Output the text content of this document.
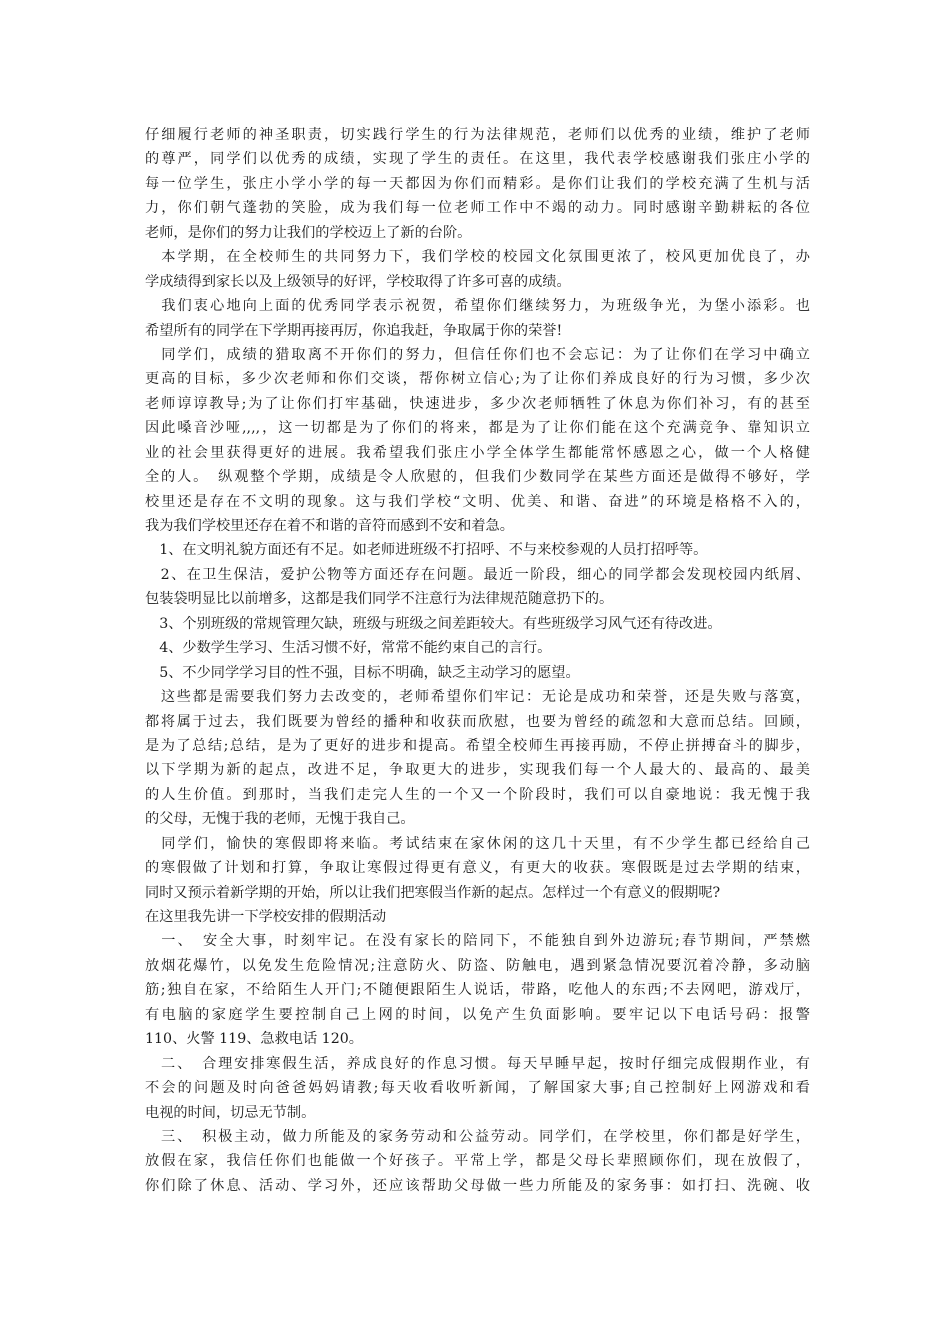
仔细履行老师的神圣职责，切实践行学生的行为法律规范，老师们以优秀的业绩，维护了老师
的尊严，同学们以优秀的成绩，实现了学生的责任。在这里，我代表学校感谢我们张庄小学的
每一位学生，张庄小学小学的每一天都因为你们而精彩。是你们让我们的学校充满了生机与活
力，你们朝气蓬勃的笑脸，成为我们每一位老师工作中不竭的动力。同时感谢辛勤耕耘的各位
老师，是你们的努力让我们的学校迈上了新的台阶。
　本学期，在全校师生的共同努力下，我们学校的校园文化氛围更浓了，校风更加优良了，办
学成绩得到家长以及上级领导的好评，学校取得了许多可喜的成绩。
　我们衷心地向上面的优秀同学表示祝贺，希望你们继续努力，为班级争光，为堡小添彩。也
希望所有的同学在下学期再接再厉，你追我赶，争取属于你的荣誉!
　同学们，成绩的猎取离不开你们的努力，但信任你们也不会忘记：为了让你们在学习中确立
更高的目标，多少次老师和你们交谈，帮你树立信心;为了让你们养成良好的行为习惯，多少次
老师谆谆教导;为了让你们打牢基础，快速进步，多少次老师牺牲了休息为你们补习，有的甚至
因此嗓音沙哑,,,,，这一切都是为了你们的将来，都是为了让你们能在这个充满竞争、靠知识立
业的社会里获得更好的进展。我希望我们张庄小学全体学生都能常怀感恩之心，做一个人格健
全的人。　纵观整个学期，成绩是令人欣慰的，但我们少数同学在某些方面还是做得不够好，学
校里还是存在不文明的现象。这与我们学校“文明、优美、和谐、奋进”的环境是格格不入的，
我为我们学校里还存在着不和谐的音符而感到不安和着急。
　1、在文明礼貌方面还有不足。如老师进班级不打招呼、不与来校参观的人员打招呼等。
　2、在卫生保洁，爱护公物等方面还存在问题。最近一阶段，细心的同学都会发现校园内纸屑、
包装袋明显比以前增多，这都是我们同学不注意行为法律规范随意扔下的。
　3、个别班级的常规管理欠缺，班级与班级之间差距较大。有些班级学习风气还有待改进。
　4、少数学生学习、生活习惯不好，常常不能约束自己的言行。
　5、不少同学学习目的性不强，目标不明确，缺乏主动学习的愿望。
　这些都是需要我们努力去改变的，老师希望你们牢记：无论是成功和荣誉，还是失败与落寞，
都将属于过去，我们既要为曾经的播种和收获而欣慰，也要为曾经的疏忽和大意而总结。回顾，
是为了总结;总结，是为了更好的进步和提高。希望全校师生再接再励，不停止拼搏奋斗的脚步，
以下学期为新的起点，改进不足，争取更大的进步，实现我们每一个人最大的、最高的、最美
的人生价值。到那时，当我们走完人生的一个又一个阶段时，我们可以自豪地说：我无愧于我
的父母，无愧于我的老师，无愧于我自己。
　同学们，愉快的寒假即将来临。考试结束在家休闲的这几十天里，有不少学生都已经给自己
的寒假做了计划和打算，争取让寒假过得更有意义，有更大的收获。寒假既是过去学期的结束，
同时又预示着新学期的开始，所以让我们把寒假当作新的起点。怎样过一个有意义的假期呢?
在这里我先讲一下学校安排的假期活动
　一、　安全大事，时刻牢记。在没有家长的陪同下，不能独自到外边游玩;春节期间，严禁燃
放烟花爆竹，以免发生危险情况;注意防火、防盗、防触电，遇到紧急情况要沉着冷静，多动脑
筋;独自在家，不给陌生人开门;不随便跟陌生人说话，带路，吃他人的东西;不去网吧，游戏厅，
有电脑的家庭学生要控制自己上网的时间，以免产生负面影响。要牢记以下电话号码：报警
110、火警 119、急救电话 120。
　二、　合理安排寒假生活，养成良好的作息习惯。每天早睡早起，按时仔细完成假期作业，有
不会的问题及时向爸爸妈妈请教;每天收看收听新闻，了解国家大事;自己控制好上网游戏和看
电视的时间，切忌无节制。
　三、　积极主动，做力所能及的家务劳动和公益劳动。同学们，在学校里，你们都是好学生，
放假在家，我信任你们也能做一个好孩子。平常上学，都是父母长辈照顾你们，现在放假了，
你们除了休息、活动、学习外，还应该帮助父母做一些力所能及的家务事：如打扫、洗碗、收
